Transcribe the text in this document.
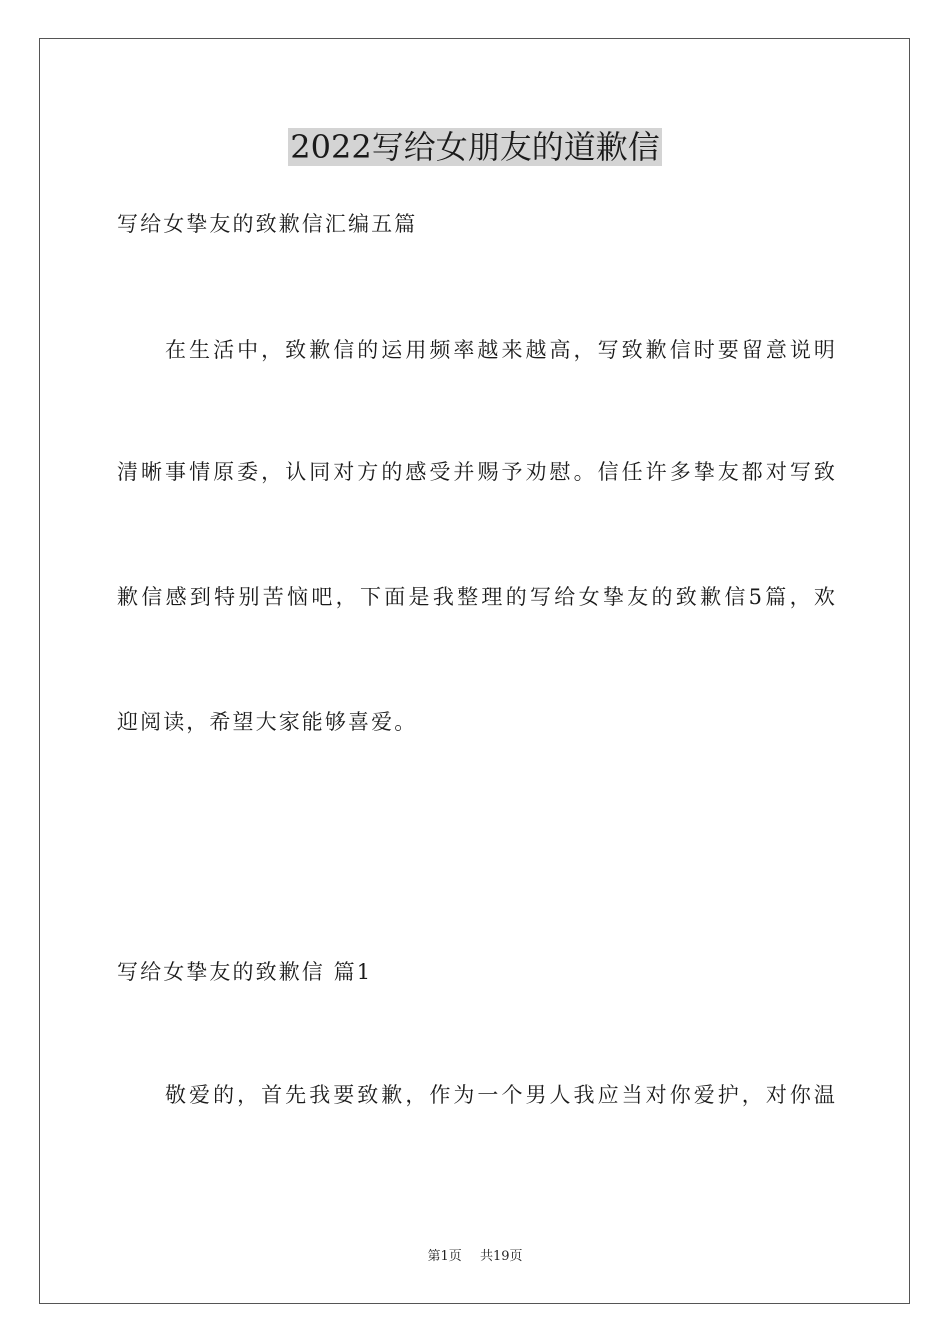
2022写给女朋友的道歉信

写给女挚友的致歉信汇编五篇

在生活中，致歉信的运用频率越来越高，写致歉信时要留意说明

清晰事情原委，认同对方的感受并赐予劝慰。信任许多挚友都对写致

歉信感到特别苦恼吧，下面是我整理的写给女挚友的致歉信5篇，欢

迎阅读，希望大家能够喜爱。

写给女挚友的致歉信 篇1

敬爱的，首先我要致歉，作为一个男人我应当对你爱护，对你温

第1页 共19页
